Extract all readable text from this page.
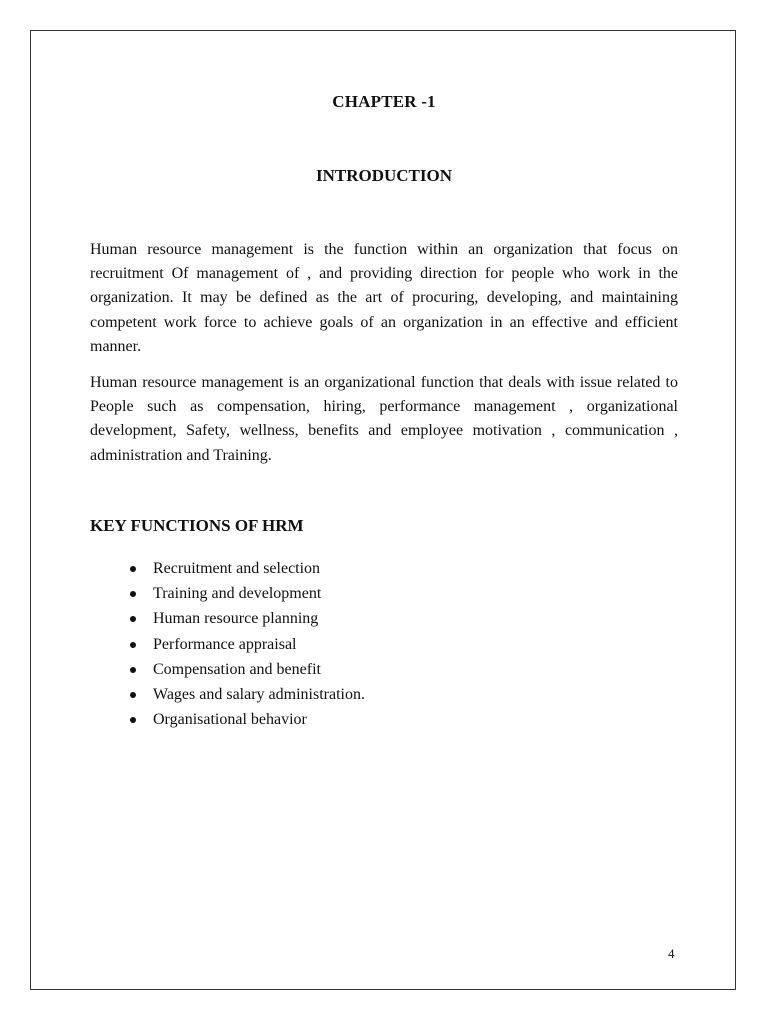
CHAPTER -1
INTRODUCTION

Human resource management is the function within an organization that focus on recruitment Of management of , and providing direction for people who work in the organization. It may be defined as the art of procuring, developing, and maintaining competent work force to achieve goals of an organization in an effective and efficient manner.

Human resource management is an organizational function that deals with issue related to People such as compensation, hiring, performance management , organizational development, Safety, wellness, benefits and employee motivation , communication , administration and Training.

KEY FUNCTIONS OF HRM
Recruitment and selection
Training and development
Human resource planning
Performance appraisal
Compensation and benefit
Wages and salary administration.
Organisational behavior
4
